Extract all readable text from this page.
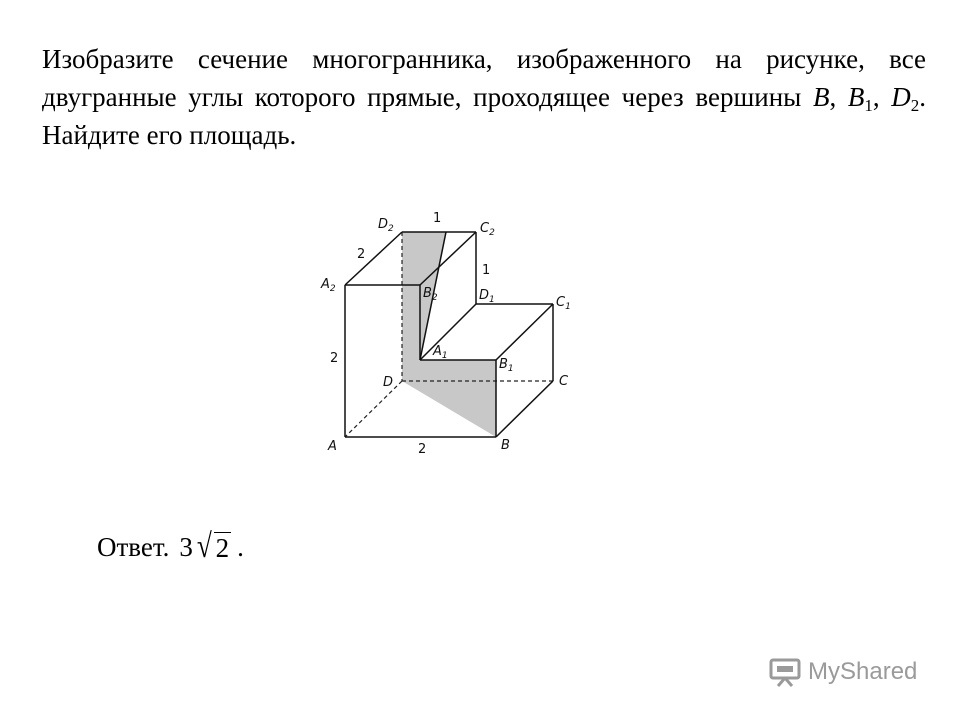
Изобразите сечение многогранника, изображенного на рисунке, все двугранные углы которого прямые, проходящее через вершины B, $B_1$, $D_2$. Найдите его площадь.
A	B
C
D
$A_1$
$B_1$
$C_1$
$D_1$
$A_2$	$B_2$
$C_2$
$D_2$
1
2
1
2
2
Ответ. 3 √ 2 .
MyShared
